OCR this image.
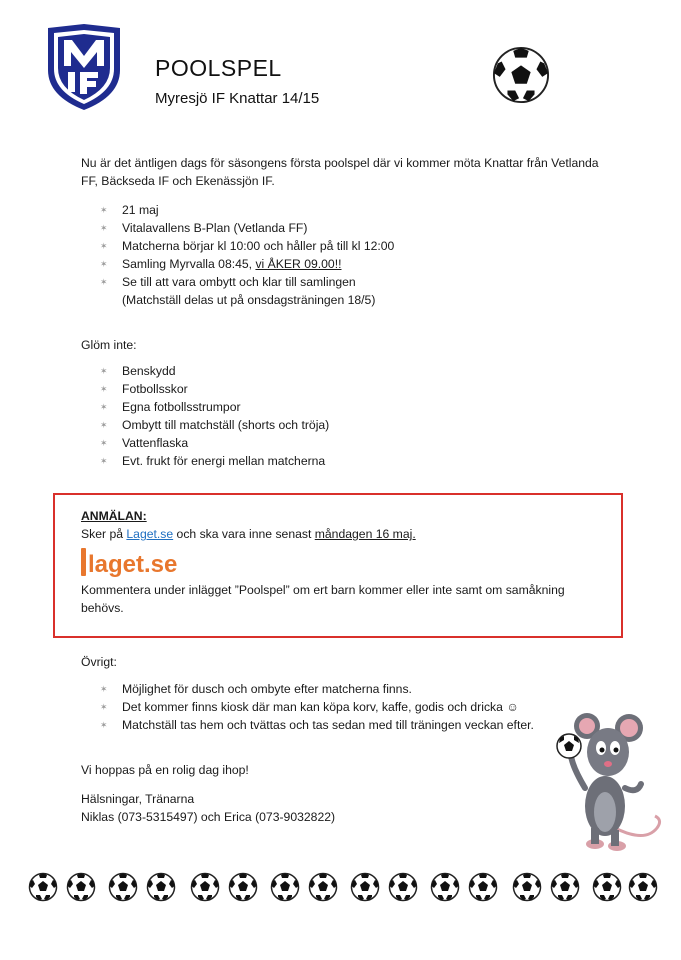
POOLSPEL
Myresjö IF Knattar 14/15
Nu är det äntligen dags för säsongens första poolspel där vi kommer möta Knattar från Vetlanda FF, Bäckseda IF och Ekenässjön IF.
✶ 21 maj
✶ Vitalavallens B-Plan (Vetlanda FF)
✶ Matcherna börjar kl 10:00 och håller på till kl 12:00
✶ Samling Myrvalla 08:45, vi ÅKER 09.00!!
✶ Se till att vara ombytt och klar till samlingen
(Matchställ delas ut på onsdagsträningen 18/5)
Glöm inte:
✶ Benskydd
✶ Fotbollsskor
✶ Egna fotbollsstrumpor
✶ Ombytt till matchställ (shorts och tröja)
✶ Vattenflaska
✶ Evt. frukt för energi mellan matcherna
ANMÄLAN:
Sker på Laget.se och ska vara inne senast måndagen 16 maj.
laget.se
Kommentera under inlägget ”Poolspel” om ert barn kommer eller inte samt om samåkning behövs.
Övrigt:
✶ Möjlighet för dusch och ombyte efter matcherna finns.
✶ Det kommer finns kiosk där man kan köpa korv, kaffe, godis och dricka ☺
✶ Matchställ tas hem och tvättas och tas sedan med till träningen veckan efter.
Vi hoppas på en rolig dag ihop!
Hälsningar, Tränarna
Niklas (073-5315497) och Erica (073-9032822)
